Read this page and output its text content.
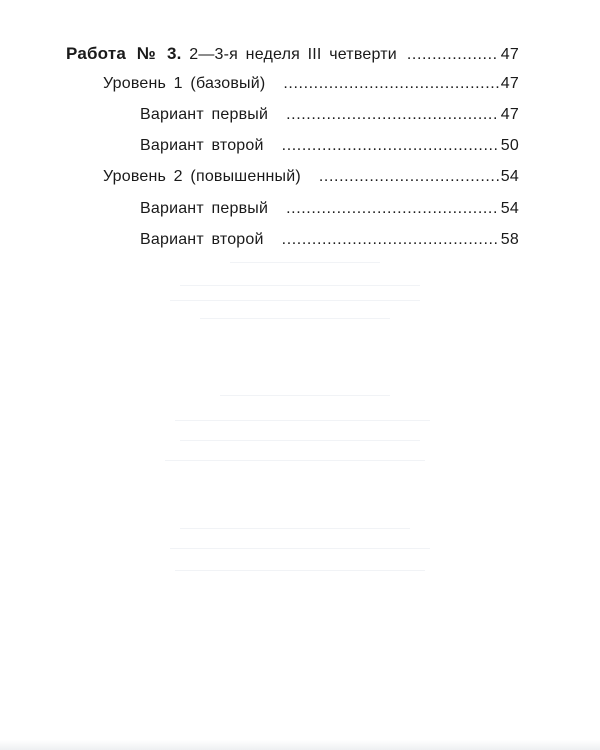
Работа № 3. 2—3-я неделя III четверти .....	47
Уровень 1 (базовый) .....	47
Вариант первый .....	47
Вариант второй .....	50
Уровень 2 (повышенный) .....	54
Вариант первый .....	54
Вариант второй .....	58
